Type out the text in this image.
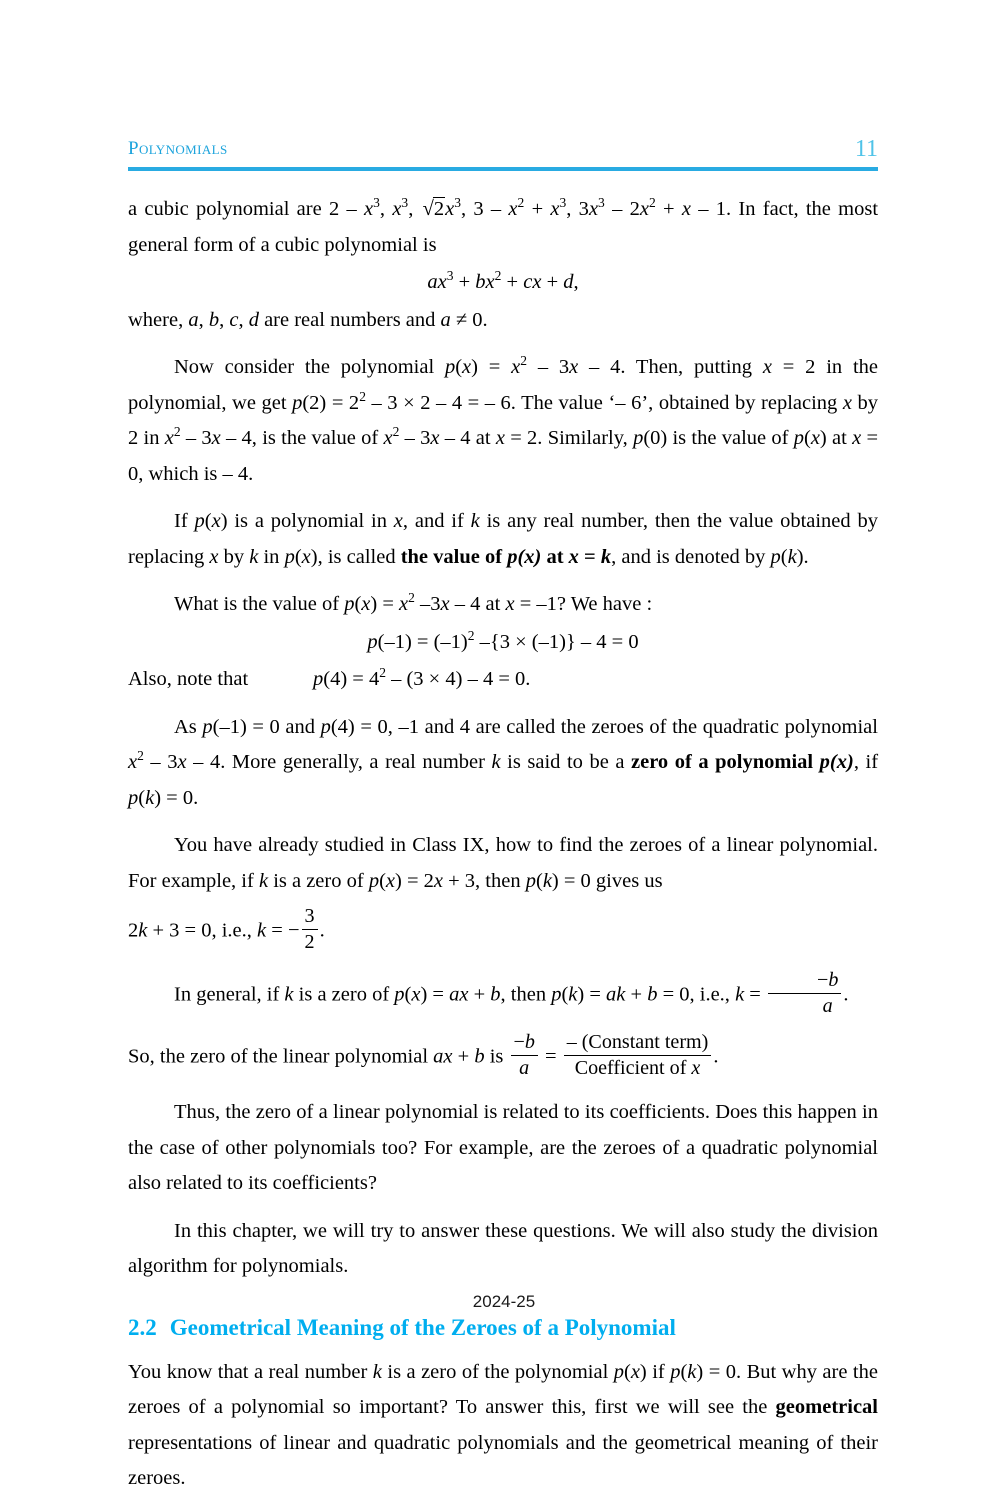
Polynomials	11

a cubic polynomial are $2 - x^3$, $x^3$, $√2x^3$, $3 - x^2 + x^3$, $3x^3 - 2x^2 + x - 1$. In fact, the most general form of a cubic polynomial is

$ax^3 + bx^2$ + cx + d,

where, a, b, c, d are real numbers and a ≠ 0.

Now consider the polynomial $p(x) = x^2 - 3x - 4$. Then, putting x = 2 in the polynomial, we get $p(2) = 2^2 - 3 \times 2 - 4$ = – 6. The value ‘– 6’, obtained by replacing x by 2 in $x^2 - 3x - 4$, is the value of $x^2 - 3x - 4$ at x = 2. Similarly, p(0) is the value of p(x) at x = 0, which is – 4.

If p(x) is a polynomial in x, and if k is any real number, then the value obtained by replacing x by k in p(x), is called the value of p(x) at x = k, and is denoted by p(k).

What is the value of $p(x) = x^2$ –3x – 4 at x = –1? We have :

$p(-1) = (-1)^2$ –{3 × (–1)} – 4 = 0
Also, note that	$p(4) = 4^2 - (3 \times 4) - 4 = 0$.

As p(–1) = 0 and p(4) = 0, –1 and 4 are called the zeroes of the quadratic polynomial $x^2 - 3x - 4$. More generally, a real number k is said to be a zero of a polynomial p(x), if p(k) = 0.

You have already studied in Class IX, how to find the zeroes of a linear polynomial. For example, if k is a zero of p(x) = 2x + 3, then p(k) = 0 gives us

2k + 3 = 0, i.e., k = − $\frac{3}{2}$ .

In general, if k is a zero of p(x) = ax + b, then p(k) = ak + b = 0, i.e., $k = \frac{-b}{a}$ .

So, the zero of the linear polynomial ax + b is $\frac{-b}{a} = \frac{\text{– (Constant term)}}{\text{Coefficient of x}}$ .

Thus, the zero of a linear polynomial is related to its coefficients. Does this happen in the case of other polynomials too? For example, are the zeroes of a quadratic polynomial also related to its coefficients?

In this chapter, we will try to answer these questions. We will also study the division algorithm for polynomials.

2.2 Geometrical Meaning of the Zeroes of a Polynomial

You know that a real number k is a zero of the polynomial p(x) if p(k) = 0. But why are the zeroes of a polynomial so important? To answer this, first we will see the geometrical representations of linear and quadratic polynomials and the geometrical meaning of their zeroes.

2024-25
